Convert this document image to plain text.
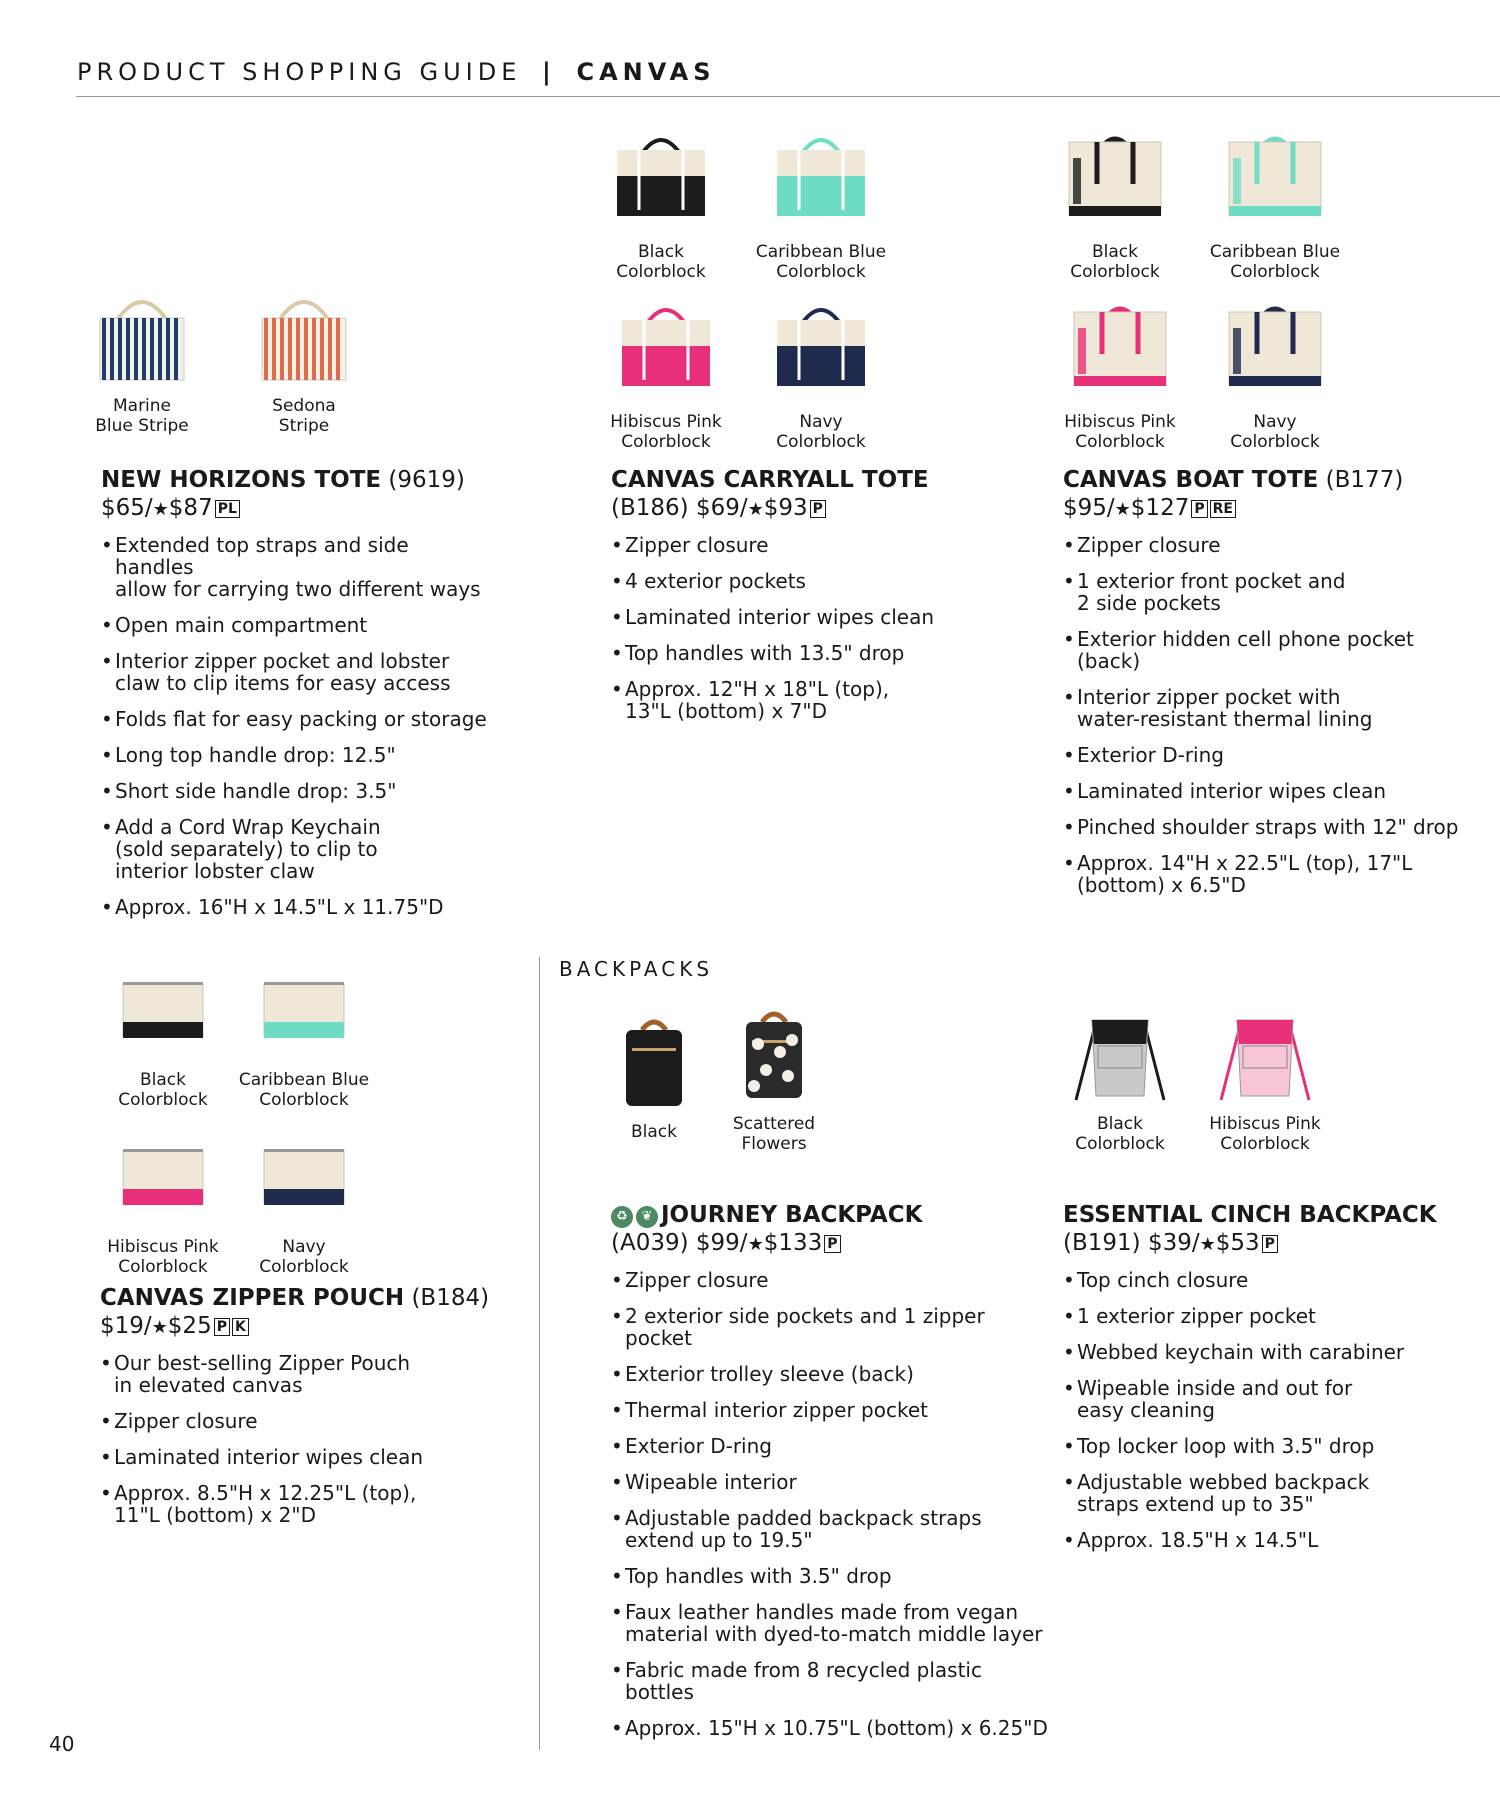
PRODUCT SHOPPING GUIDE | CANVAS
BACKPACKS
40
Marine
Blue Stripe
Sedona
Stripe
Black
Colorblock
Caribbean Blue
Colorblock
Hibiscus Pink
Colorblock
Navy
Colorblock
Black
Colorblock
Caribbean Blue
Colorblock
Hibiscus Pink
Colorblock
Navy
Colorblock
Black
Colorblock
Caribbean Blue
Colorblock
Hibiscus Pink
Colorblock
Navy
Colorblock
Black	Scattered
Flowers
Black
Colorblock
Hibiscus Pink
Colorblock
NEW HORIZONS TOTE (9619)
$65/★$87 PL
• Extended top straps and side handles
allow for carrying two different ways
• Open main compartment
• Interior zipper pocket and lobster
claw to clip items for easy access
• Folds flat for easy packing or storage
• Long top handle drop: 12.5"
• Short side handle drop: 3.5"
• Add a Cord Wrap Keychain
(sold separately) to clip to
interior lobster claw
• Approx. 16"H x 14.5"L x 11.75"D
CANVAS CARRYALL TOTE
(B186) $69/★$93 P
• Zipper closure
• 4 exterior pockets
• Laminated interior wipes clean
• Top handles with 13.5" drop
• Approx. 12"H x 18"L (top),
13"L (bottom) x 7"D
CANVAS BOAT TOTE (B177)
$95/★$127 P RE
• Zipper closure
• 1 exterior front pocket and
2 side pockets
• Exterior hidden cell phone pocket
(back)
• Interior zipper pocket with
water-resistant thermal lining
• Exterior D-ring
• Laminated interior wipes clean
• Pinched shoulder straps with 12" drop
• Approx. 14"H x 22.5"L (top), 17"L
(bottom) x 6.5"D
CANVAS ZIPPER POUCH (B184)
$19/★$25 P K
• Our best-selling Zipper Pouch
in elevated canvas
• Zipper closure
• Laminated interior wipes clean
• Approx. 8.5"H x 12.25"L (top),
11"L (bottom) x 2"D
♻ ❦ JOURNEY BACKPACK
(A039) $99/★$133 P
• Zipper closure
• 2 exterior side pockets and 1 zipper pocket
• Exterior trolley sleeve (back)
• Thermal interior zipper pocket
• Exterior D-ring
• Wipeable interior
• Adjustable padded backpack straps
extend up to 19.5"
• Top handles with 3.5" drop
• Faux leather handles made from vegan
material with dyed-to-match middle layer
• Fabric made from 8 recycled plastic bottles
• Approx. 15"H x 10.75"L (bottom) x 6.25"D
ESSENTIAL CINCH BACKPACK
(B191) $39/★$53 P
• Top cinch closure
• 1 exterior zipper pocket
• Webbed keychain with carabiner
• Wipeable inside and out for
easy cleaning
• Top locker loop with 3.5" drop
• Adjustable webbed backpack
straps extend up to 35"
• Approx. 18.5"H x 14.5"L
